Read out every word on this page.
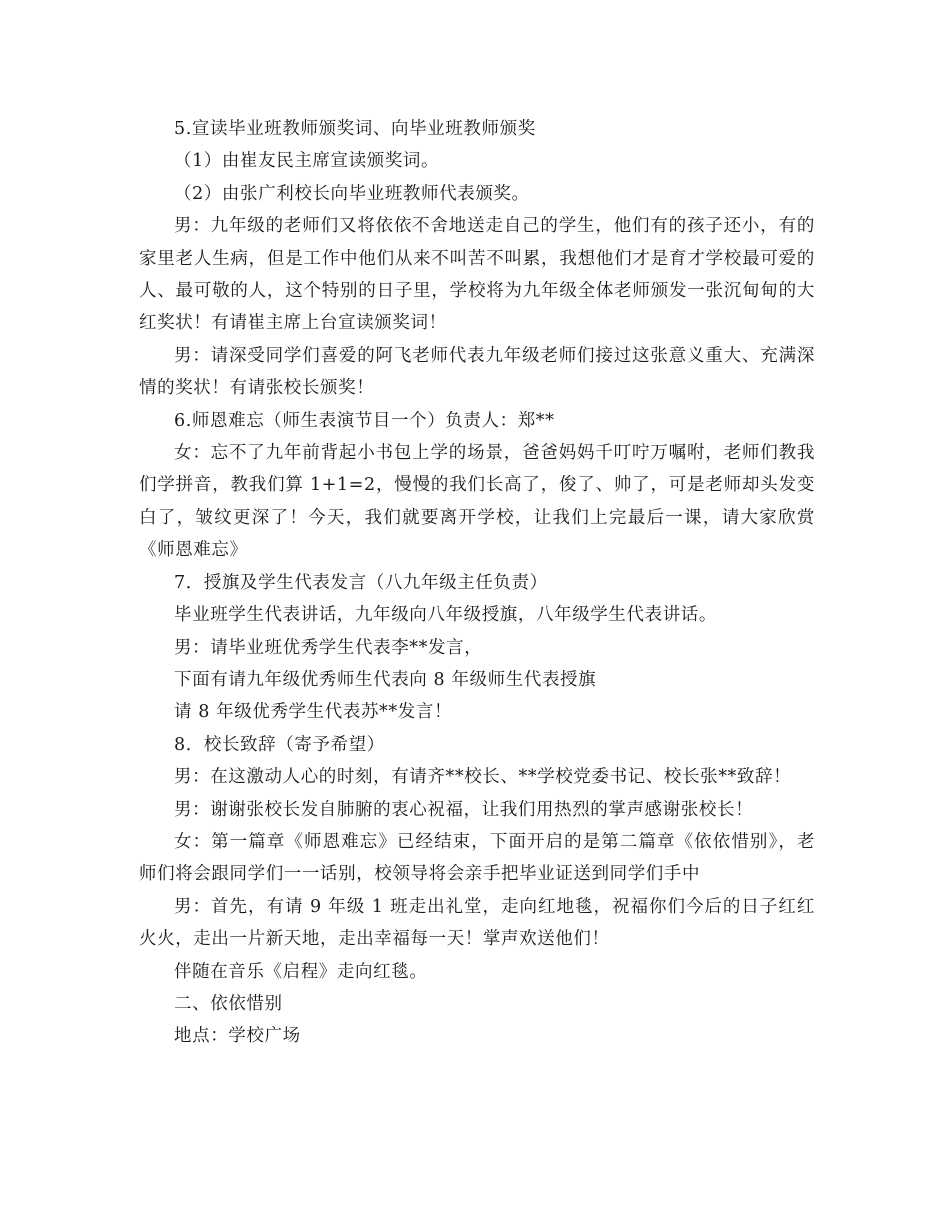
5.宣读毕业班教师颁奖词、向毕业班教师颁奖

（1）由崔友民主席宣读颁奖词。

（2）由张广利校长向毕业班教师代表颁奖。

男：九年级的老师们又将依依不舍地送走自己的学生，他们有的孩子还小，有的家里老人生病，但是工作中他们从来不叫苦不叫累，我想他们才是育才学校最可爱的人、最可敬的人，这个特别的日子里，学校将为九年级全体老师颁发一张沉甸甸的大红奖状！有请崔主席上台宣读颁奖词！

男：请深受同学们喜爱的阿飞老师代表九年级老师们接过这张意义重大、充满深情的奖状！有请张校长颁奖！

6.师恩难忘（师生表演节目一个）负责人：郑**

女：忘不了九年前背起小书包上学的场景，爸爸妈妈千叮咛万嘱咐，老师们教我们学拼音，教我们算 1+1=2，慢慢的我们长高了，俊了、帅了，可是老师却头发变白了，皱纹更深了！今天，我们就要离开学校，让我们上完最后一课，请大家欣赏《师恩难忘》

7．授旗及学生代表发言（八九年级主任负责）

毕业班学生代表讲话，九年级向八年级授旗，八年级学生代表讲话。

男：请毕业班优秀学生代表李**发言，

下面有请九年级优秀师生代表向 8 年级师生代表授旗

请 8 年级优秀学生代表苏**发言！

8．校长致辞（寄予希望）

男：在这激动人心的时刻，有请齐**校长、**学校党委书记、校长张**致辞！

男：谢谢张校长发自肺腑的衷心祝福，让我们用热烈的掌声感谢张校长！

女：第一篇章《师恩难忘》已经结束，下面开启的是第二篇章《依依惜别》，老师们将会跟同学们一一话别，校领导将会亲手把毕业证送到同学们手中

男：首先，有请 9 年级 1 班走出礼堂，走向红地毯，祝福你们今后的日子红红火火，走出一片新天地，走出幸福每一天！掌声欢送他们！

伴随在音乐《启程》走向红毯。

二、依依惜别

地点：学校广场
